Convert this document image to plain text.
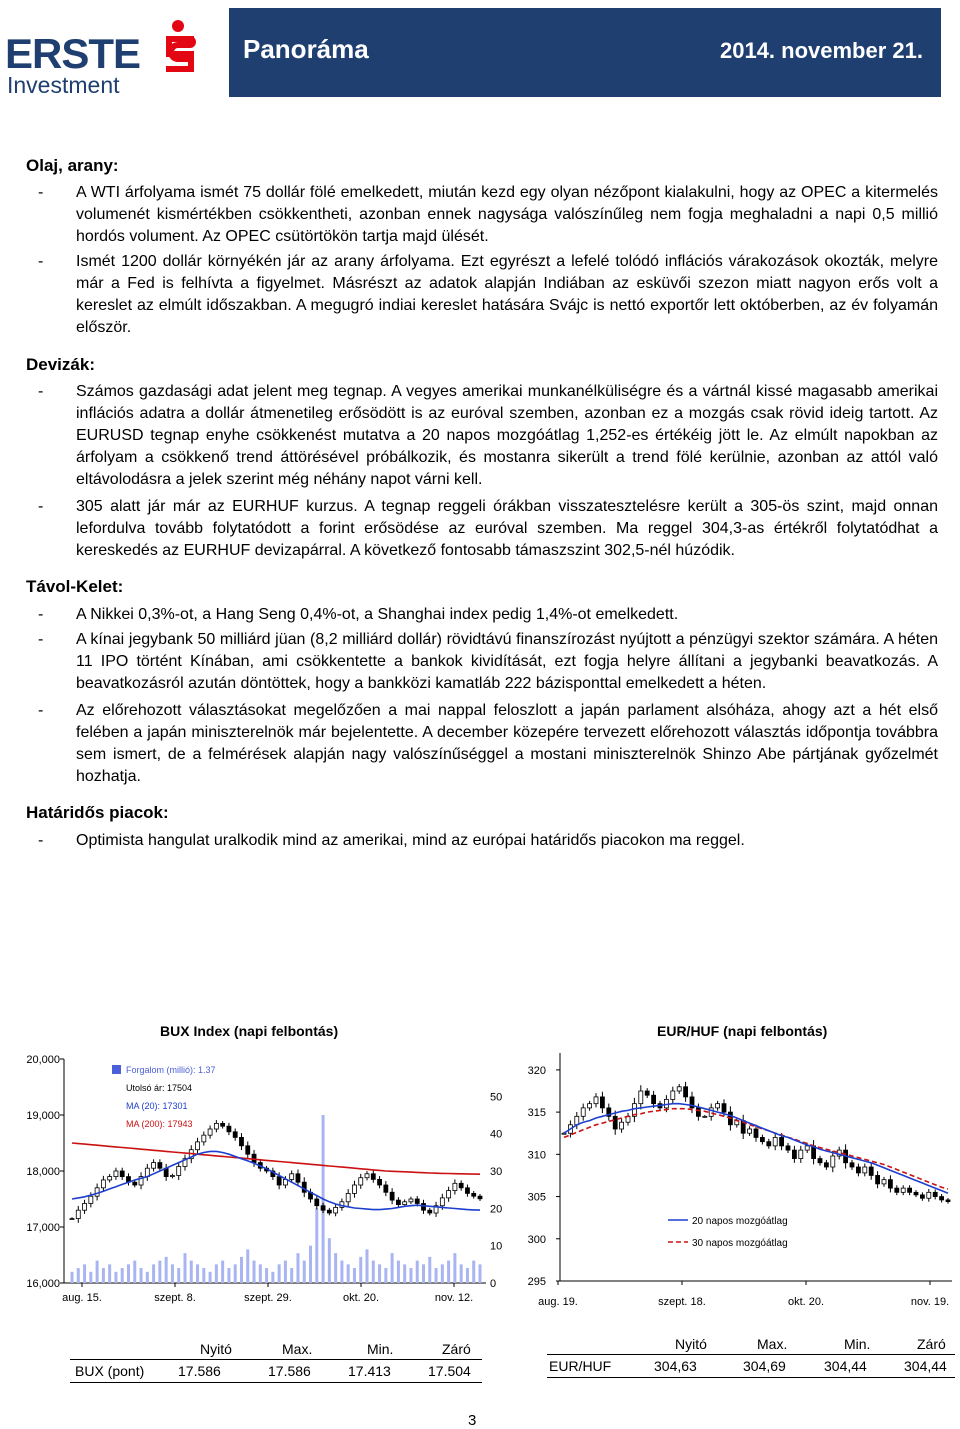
ERSTE
Investment
Panoráma	2014. november 21.

Olaj, arany:

- A WTI árfolyama ismét 75 dollár fölé emelkedett, miután kezd egy olyan nézőpont kialakulni, hogy az OPEC a kitermelés volumenét kismértékben csökkentheti, azonban ennek nagysága valószínűleg nem fogja meghaladni a napi 0,5 millió hordós volument. Az OPEC csütörtökön tartja majd ülését.
- Ismét 1200 dollár környékén jár az arany árfolyama. Ezt egyrészt a lefelé tolódó inflációs várakozások okozták, melyre már a Fed is felhívta a figyelmet. Másrészt az adatok alapján Indiában az esküvői szezon miatt nagyon erős volt a kereslet az elmúlt időszakban. A megugró indiai kereslet hatására Svájc is nettó exportőr lett októberben, az év folyamán először.

Devizák:

- Számos gazdasági adat jelent meg tegnap. A vegyes amerikai munkanélküliségre és a vártnál kissé magasabb amerikai inflációs adatra a dollár átmenetileg erősödött is az euróval szemben, azonban ez a mozgás csak rövid ideig tartott. Az EURUSD tegnap enyhe csökkenést mutatva a 20 napos mozgóátlag 1,252-es értékéig jött le. Az elmúlt napokban az árfolyam a csökkenő trend áttörésével próbálkozik, és mostanra sikerült a trend fölé kerülnie, azonban az attól való eltávolodásra a jelek szerint még néhány napot várni kell.
- 305 alatt jár már az EURHUF kurzus. A tegnap reggeli órákban visszatesztelésre került a 305-ös szint, majd onnan lefordulva tovább folytatódott a forint erősödése az euróval szemben. Ma reggel 304,3-as értékről folytatódhat a kereskedés az EURHUF devizapárral. A következő fontosabb támaszszint 302,5-nél húzódik.

Távol-Kelet:

- A Nikkei 0,3%-ot, a Hang Seng 0,4%-ot, a Shanghai index pedig 1,4%-ot emelkedett.
- A kínai jegybank 50 milliárd jüan (8,2 milliárd dollár) rövidtávú finanszírozást nyújtott a pénzügyi szektor számára. A héten 11 IPO történt Kínában, ami csökkentette a bankok kividítását, ezt fogja helyre állítani a jegybanki beavatkozás. A beavatkozásról azután döntöttek, hogy a bankközi kamatláb 222 bázisponttal emelkedett a héten.
- Az előrehozott választásokat megelőzően a mai nappal feloszlott a japán parlament alsóháza, ahogy azt a hét első felében a japán miniszterelnök már bejelentette. A december közepére tervezett előrehozott választás időpontja továbbra sem ismert, de a felmérések alapján nagy valószínűséggel a mostani miniszterelnök Shinzo Abe pártjának győzelmét hozhatja.

Határidős piacok:

- Optimista hangulat uralkodik mind az amerikai, mind az európai határidős piacokon ma reggel.
BUX Index (napi felbontás)	EUR/HUF (napi felbontás)
16,000
17,000
18,000
19,000
20,000
0
10
20
30
40
50
aug. 15.	szept. 8.	szept. 29.	okt. 20.	nov. 12.
Forgalom (millió): 1.37
Utolsó ár: 17504
MA (20): 17301
MA (200): 17943
295
300
305
310
315
320
aug. 19.	szept. 18.	okt. 20.	nov. 19.
20 napos mozgóátlag
30 napos mozgóátlag
Nyitó	Max.	Min.	Záró
BUX (pont) 17.586	17.586	17.413	17.504
Nyitó	Max.	Min.	Záró
EUR/HUF	304,63	304,69	304,44	304,44
3
